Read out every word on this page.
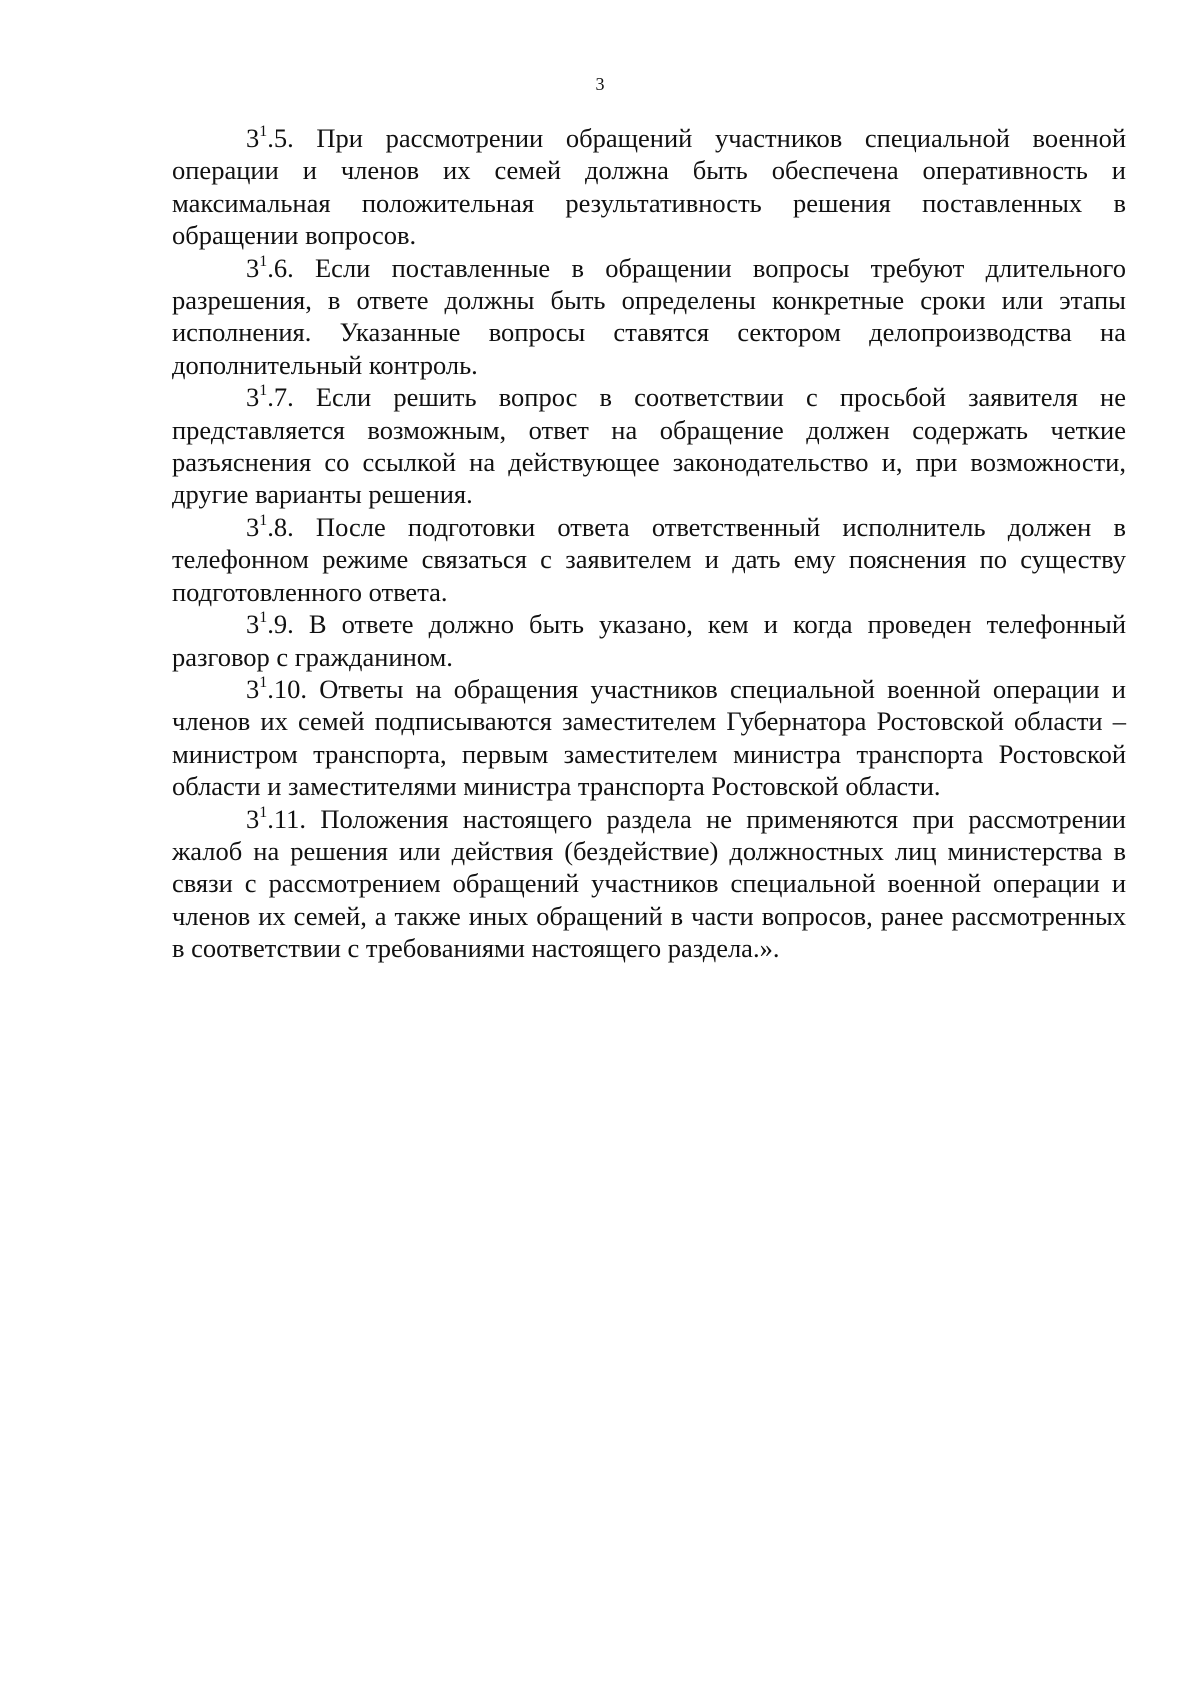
3

$3^1.5$. При рассмотрении обращений участников специальной военной операции и членов их семей должна быть обеспечена оперативность и максимальная положительная результативность решения поставленных в обращении вопросов.

$3^1.6$. Если поставленные в обращении вопросы требуют длительного разрешения, в ответе должны быть определены конкретные сроки или этапы исполнения. Указанные вопросы ставятся сектором делопроизводства на дополнительный контроль.

$3^1.7$. Если решить вопрос в соответствии с просьбой заявителя не представляется возможным, ответ на обращение должен содержать четкие разъяснения со ссылкой на действующее законодательство и, при возможности, другие варианты решения.

$3^1.8$. После подготовки ответа ответственный исполнитель должен в телефонном режиме связаться с заявителем и дать ему пояснения по существу подготовленного ответа.

$3^1.9$. В ответе должно быть указано, кем и когда проведен телефонный разговор с гражданином.

$3^1.10$. Ответы на обращения участников специальной военной операции и членов их семей подписываются заместителем Губернатора Ростовской области – министром транспорта, первым заместителем министра транспорта Ростовской области и заместителями министра транспорта Ростовской области.

$3^1.11$. Положения настоящего раздела не применяются при рассмотрении жалоб на решения или действия (бездействие) должностных лиц министерства в связи с рассмотрением обращений участников специальной военной операции и членов их семей, а также иных обращений в части вопросов, ранее рассмотренных в соответствии с требованиями настоящего раздела.».
